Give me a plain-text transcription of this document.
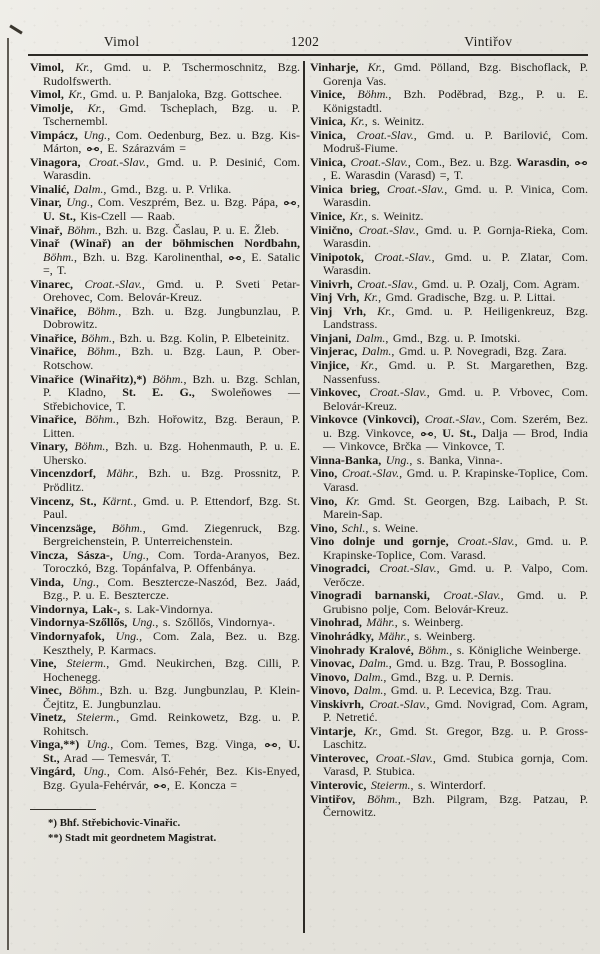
Vimol	1202	Vintiřov

Vimol, Kr., Gmd. u. P. Tschermoschnitz, Bzg. Rudolfswerth.

Vimol, Kr., Gmd. u. P. Banjaloka, Bzg. Gottschee.

Vimolje, Kr., Gmd. Tscheplach, Bzg. u. P. Tschernembl.

Vimpácz, Ung., Com. Oedenburg, Bez. u. Bzg. Kis-Márton,
, E. Szárazvám =

Vinagora, Croat.-Slav., Gmd. u. P. Desinić, Com. Warasdin.

Vinalić, Dalm., Gmd., Bzg. u. P. Vrlika.

Vinar, Ung., Com. Veszprém, Bez. u. Bzg. Pápa,
, U. St., Kis-Czell — Raab.

Vinař, Böhm., Bzh. u. Bzg. Časlau, P. u. E. Žleb.

Vinař (Winař) an der böhmischen Nordbahn, Böhm., Bzh. u. Bzg. Karolinenthal,
, E. Satalic =, T.

Vinarec, Croat.-Slav., Gmd. u. P. Sveti Petar-Orehovec, Com. Belovár-Kreuz.

Vinařice, Böhm., Bzh. u. Bzg. Jungbunzlau, P. Dobrowitz.

Vinařice, Böhm., Bzh. u. Bzg. Kolin, P. Elbeteinitz.

Vinařice, Böhm., Bzh. u. Bzg. Laun, P. Ober-Rotschow.

Vinařice (Winařitz),*) Böhm., Bzh. u. Bzg. Schlan, P. Kladno, St. E. G., Swoleňowes — Střebichovice, T.

Vinařice, Böhm., Bzh. Hořowitz, Bzg. Beraun, P. Litten.

Vinary, Böhm., Bzh. u. Bzg. Hohenmauth, P. u. E. Uhersko.

Vincenzdorf, Mähr., Bzh. u. Bzg. Prossnitz, P. Prödlitz.

Vincenz, St., Kärnt., Gmd. u. P. Ettendorf, Bzg. St. Paul.

Vincenzsäge, Böhm., Gmd. Ziegenruck, Bzg. Bergreichenstein, P. Unterreichenstein.

Vincza, Sásza-, Ung., Com. Torda-Aranyos, Bez. Toroczkó, Bzg. Topánfalva, P. Offenbánya.

Vinda, Ung., Com. Besztercze-Naszód, Bez. Jaád, Bzg., P. u. E. Besztercze.

Vindornya, Lak-, s. Lak-Vindornya.

Vindornya-Szőllős, Ung., s. Szőllős, Vindornya-.

Vindornyafok, Ung., Com. Zala, Bez. u. Bzg. Keszthely, P. Karmacs.

Vine, Steierm., Gmd. Neukirchen, Bzg. Cilli, P. Hochenegg.

Vinec, Böhm., Bzh. u. Bzg. Jungbunzlau, P. Klein-Čejtitz, E. Jungbunzlau.

Vinetz, Steierm., Gmd. Reinkowetz, Bzg. u. P. Rohitsch.

Vinga,**) Ung., Com. Temes, Bzg. Vinga,
, U. St., Arad — Temesvár, T.

Vingárd, Ung., Com. Alsó-Fehér, Bez. Kis-Enyed, Bzg. Gyula-Fehérvár,
, E. Koncza =

*) Bhf. Střebichovic-Vinařic.

**) Stadt mit geordnetem Magistrat.

Vinharje, Kr., Gmd. Pölland, Bzg. Bischoflack, P. Gorenja Vas.

Vinice, Böhm., Bzh. Poděbrad, Bzg., P. u. E. Königstadtl.

Vinica, Kr., s. Weinitz.

Vinica, Croat.-Slav., Gmd. u. P. Barilović, Com. Modruš-Fiume.

Vinica, Croat.-Slav., Com., Bez. u. Bzg. Warasdin,
, E. Warasdin (Varasd) =, T.

Vinica brieg, Croat.-Slav., Gmd. u. P. Vinica, Com. Warasdin.

Vinice, Kr., s. Weinitz.

Vinično, Croat.-Slav., Gmd. u. P. Gornja-Rieka, Com. Warasdin.

Vinipotok, Croat.-Slav., Gmd. u. P. Zlatar, Com. Warasdin.

Vinivrh, Croat.-Slav., Gmd. u. P. Ozalj, Com. Agram.

Vinj Vrh, Kr., Gmd. Gradische, Bzg. u. P. Littai.

Vinj Vrh, Kr., Gmd. u. P. Heiligenkreuz, Bzg. Landstrass.

Vinjani, Dalm., Gmd., Bzg. u. P. Imotski.

Vinjerac, Dalm., Gmd. u. P. Novegradi, Bzg. Zara.

Vinjice, Kr., Gmd. u. P. St. Margarethen, Bzg. Nassenfuss.

Vinkovec, Croat.-Slav., Gmd. u. P. Vrbovec, Com. Belovár-Kreuz.

Vinkovce (Vinkovci), Croat.-Slav., Com. Szerém, Bez. u. Bzg. Vinkovce,
, U. St., Dalja — Brod, India — Vinkovce, Brčka — Vinkovce, T.

Vinna-Banka, Ung., s. Banka, Vinna-.

Vino, Croat.-Slav., Gmd. u. P. Krapinske-Toplice, Com. Varasd.

Vino, Kr. Gmd. St. Georgen, Bzg. Laibach, P. St. Marein-Sap.

Vino, Schl., s. Weine.

Vino dolnje und gornje, Croat.-Slav., Gmd. u. P. Krapinske-Toplice, Com. Varasd.

Vinogradci, Croat.-Slav., Gmd. u. P. Valpo, Com. Verőcze.

Vinogradi barnanski, Croat.-Slav., Gmd. u. P. Grubisno polje, Com. Belovár-Kreuz.

Vinohrad, Mähr., s. Weinberg.

Vinohrádky, Mähr., s. Weinberg.

Vinohrady Kralové, Böhm., s. Königliche Weinberge.

Vinovac, Dalm., Gmd. u. Bzg. Trau, P. Bossoglina.

Vinovo, Dalm., Gmd., Bzg. u. P. Dernis.

Vinovo, Dalm., Gmd. u. P. Lecevica, Bzg. Trau.

Vinskivrh, Croat.-Slav., Gmd. Novigrad, Com. Agram, P. Netretić.

Vintarje, Kr., Gmd. St. Gregor, Bzg. u. P. Gross-Laschitz.

Vinterovec, Croat.-Slav., Gmd. Stubica gornja, Com. Varasd, P. Stubica.

Vinterovic, Steierm., s. Winterdorf.

Vintiřov, Böhm., Bzh. Pilgram, Bzg. Patzau, P. Černowitz.
